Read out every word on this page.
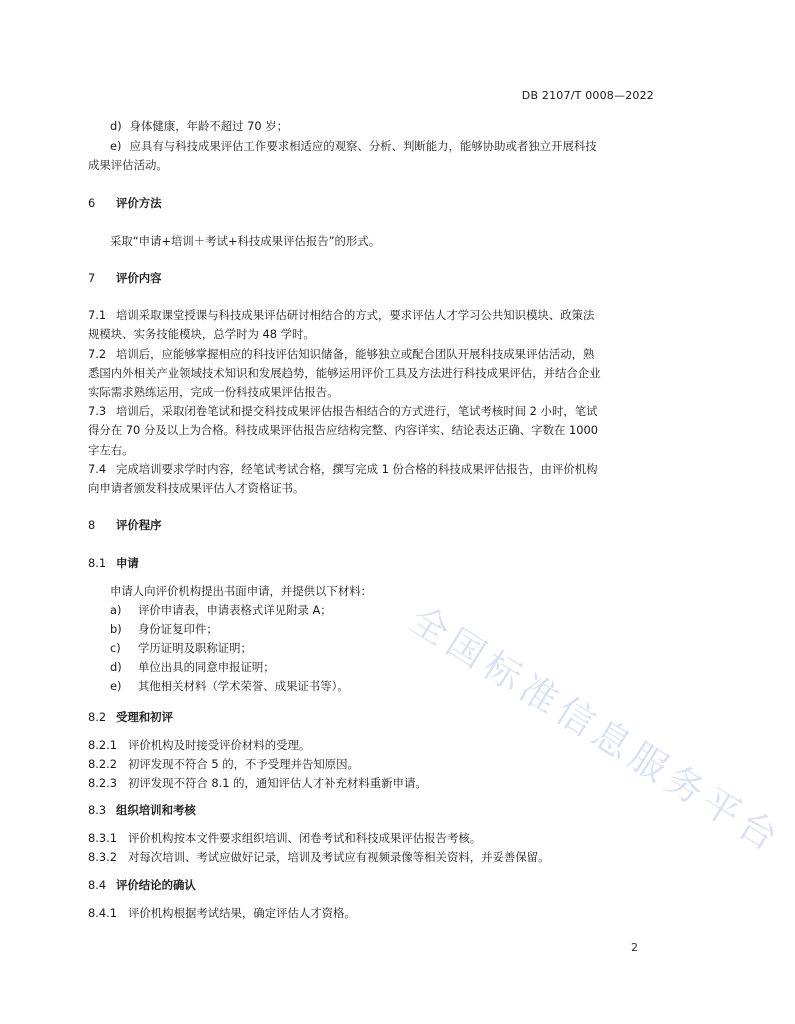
全国标准信息服务平台
DB 2107/T 0008—2022
d) 身体健康，年龄不超过 70 岁；
e) 应具有与科技成果评估工作要求相适应的观察、分析、判断能力，能够协助或者独立开展科技
成果评估活动。
6 评价方法
采取“申请+培训＋考试+科技成果评估报告”的形式。
7 评价内容
7.1 培训采取课堂授课与科技成果评估研讨相结合的方式，要求评估人才学习公共知识模块、政策法
规模块、实务技能模块，总学时为 48 学时。
7.2 培训后，应能够掌握相应的科技评估知识储备，能够独立或配合团队开展科技成果评估活动，熟
悉国内外相关产业领域技术知识和发展趋势，能够运用评价工具及方法进行科技成果评估，并结合企业
实际需求熟练运用，完成一份科技成果评估报告。
7.3 培训后，采取闭卷笔试和提交科技成果评估报告相结合的方式进行，笔试考核时间 2 小时，笔试
得分在 70 分及以上为合格。科技成果评估报告应结构完整、内容详实、结论表达正确、字数在 1000
字左右。
7.4 完成培训要求学时内容，经笔试考试合格，撰写完成 1 份合格的科技成果评估报告，由评价机构
向申请者颁发科技成果评估人才资格证书。
8 评价程序
8.1 申请
申请人向评价机构提出书面申请，并提供以下材料：
a) 评价申请表，申请表格式详见附录 A；
b) 身份证复印件；
c) 学历证明及职称证明；
d) 单位出具的同意申报证明；
e) 其他相关材料（学术荣誉、成果证书等）。
8.2 受理和初评
8.2.1 评价机构及时接受评价材料的受理。
8.2.2 初评发现不符合 5 的，不予受理并告知原因。
8.2.3 初评发现不符合 8.1 的，通知评估人才补充材料重新申请。
8.3 组织培训和考核
8.3.1 评价机构按本文件要求组织培训、闭卷考试和科技成果评估报告考核。
8.3.2 对每次培训、考试应做好记录，培训及考试应有视频录像等相关资料，并妥善保留。
8.4 评价结论的确认
8.4.1 评价机构根据考试结果，确定评估人才资格。
2
